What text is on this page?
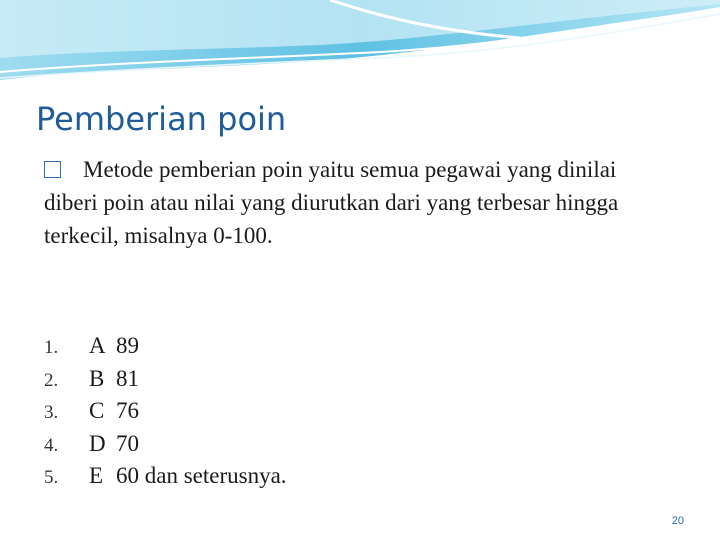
Pemberian poin
Metode pemberian poin yaitu semua pegawai yang dinilai diberi poin atau nilai yang diurutkan dari yang terbesar hingga terkecil, misalnya 0-100.
1. A 89
2. B 81
3. C 76
4. D 70
5. E 60 dan seterusnya.
20
